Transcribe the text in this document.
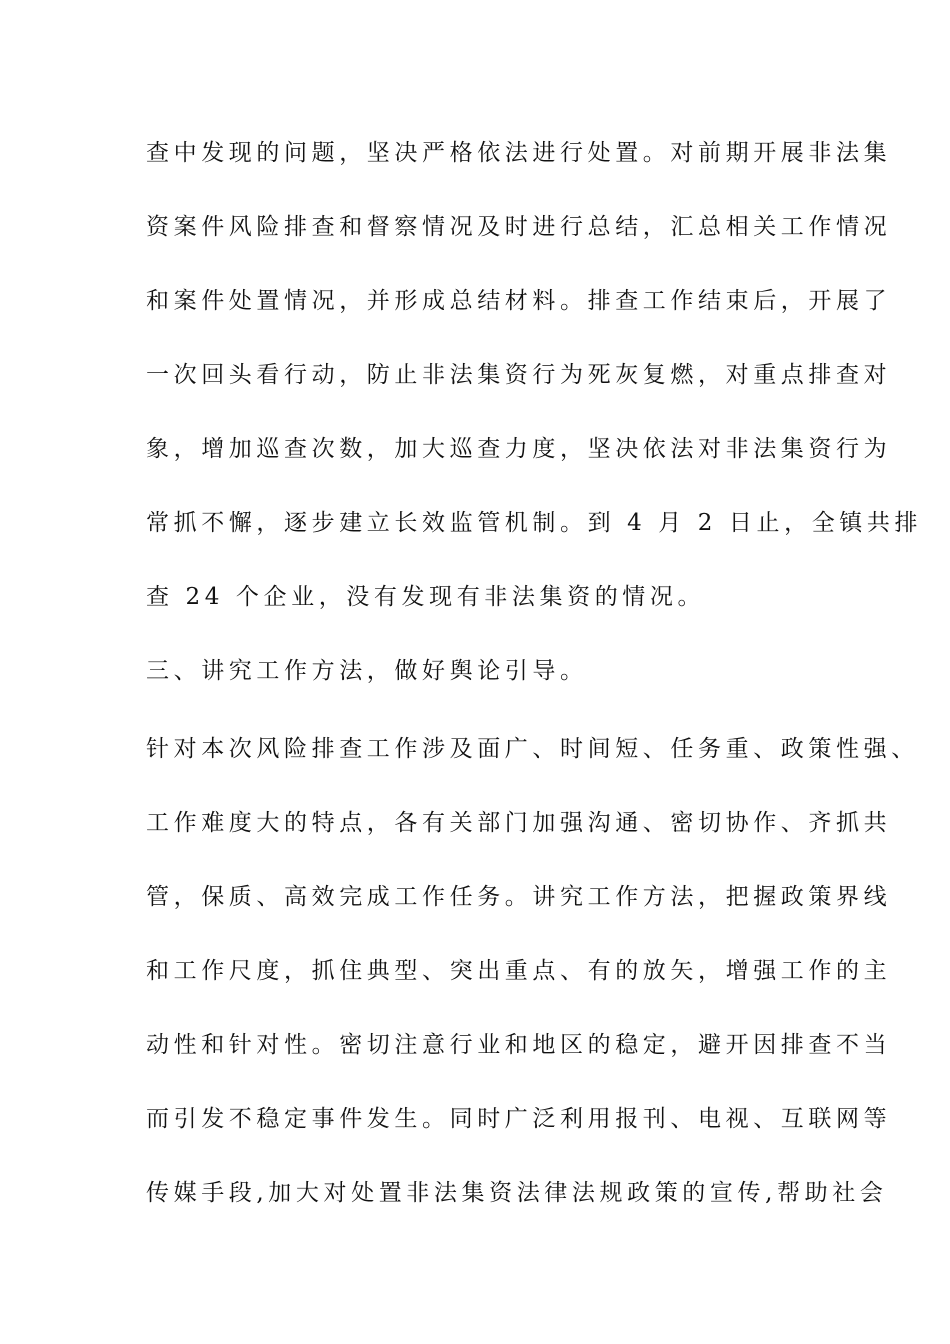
查中发现的问题，坚决严格依法进行处置。对前期开展非法集
资案件风险排查和督察情况及时进行总结，汇总相关工作情况
和案件处置情况，并形成总结材料。排查工作结束后，开展了
一次回头看行动，防止非法集资行为死灰复燃，对重点排查对
象，增加巡查次数，加大巡查力度，坚决依法对非法集资行为
常抓不懈，逐步建立长效监管机制。到 4 月 2 日止，全镇共排
查 24 个企业，没有发现有非法集资的情况。
三、讲究工作方法，做好舆论引导。
针对本次风险排查工作涉及面广、时间短、任务重、政策性强、
工作难度大的特点，各有关部门加强沟通、密切协作、齐抓共
管，保质、高效完成工作任务。讲究工作方法，把握政策界线
和工作尺度，抓住典型、突出重点、有的放矢，增强工作的主
动性和针对性。密切注意行业和地区的稳定，避开因排查不当
而引发不稳定事件发生。同时广泛利用报刊、电视、互联网等
传媒手段,加大对处置非法集资法律法规政策的宣传,帮助社会
